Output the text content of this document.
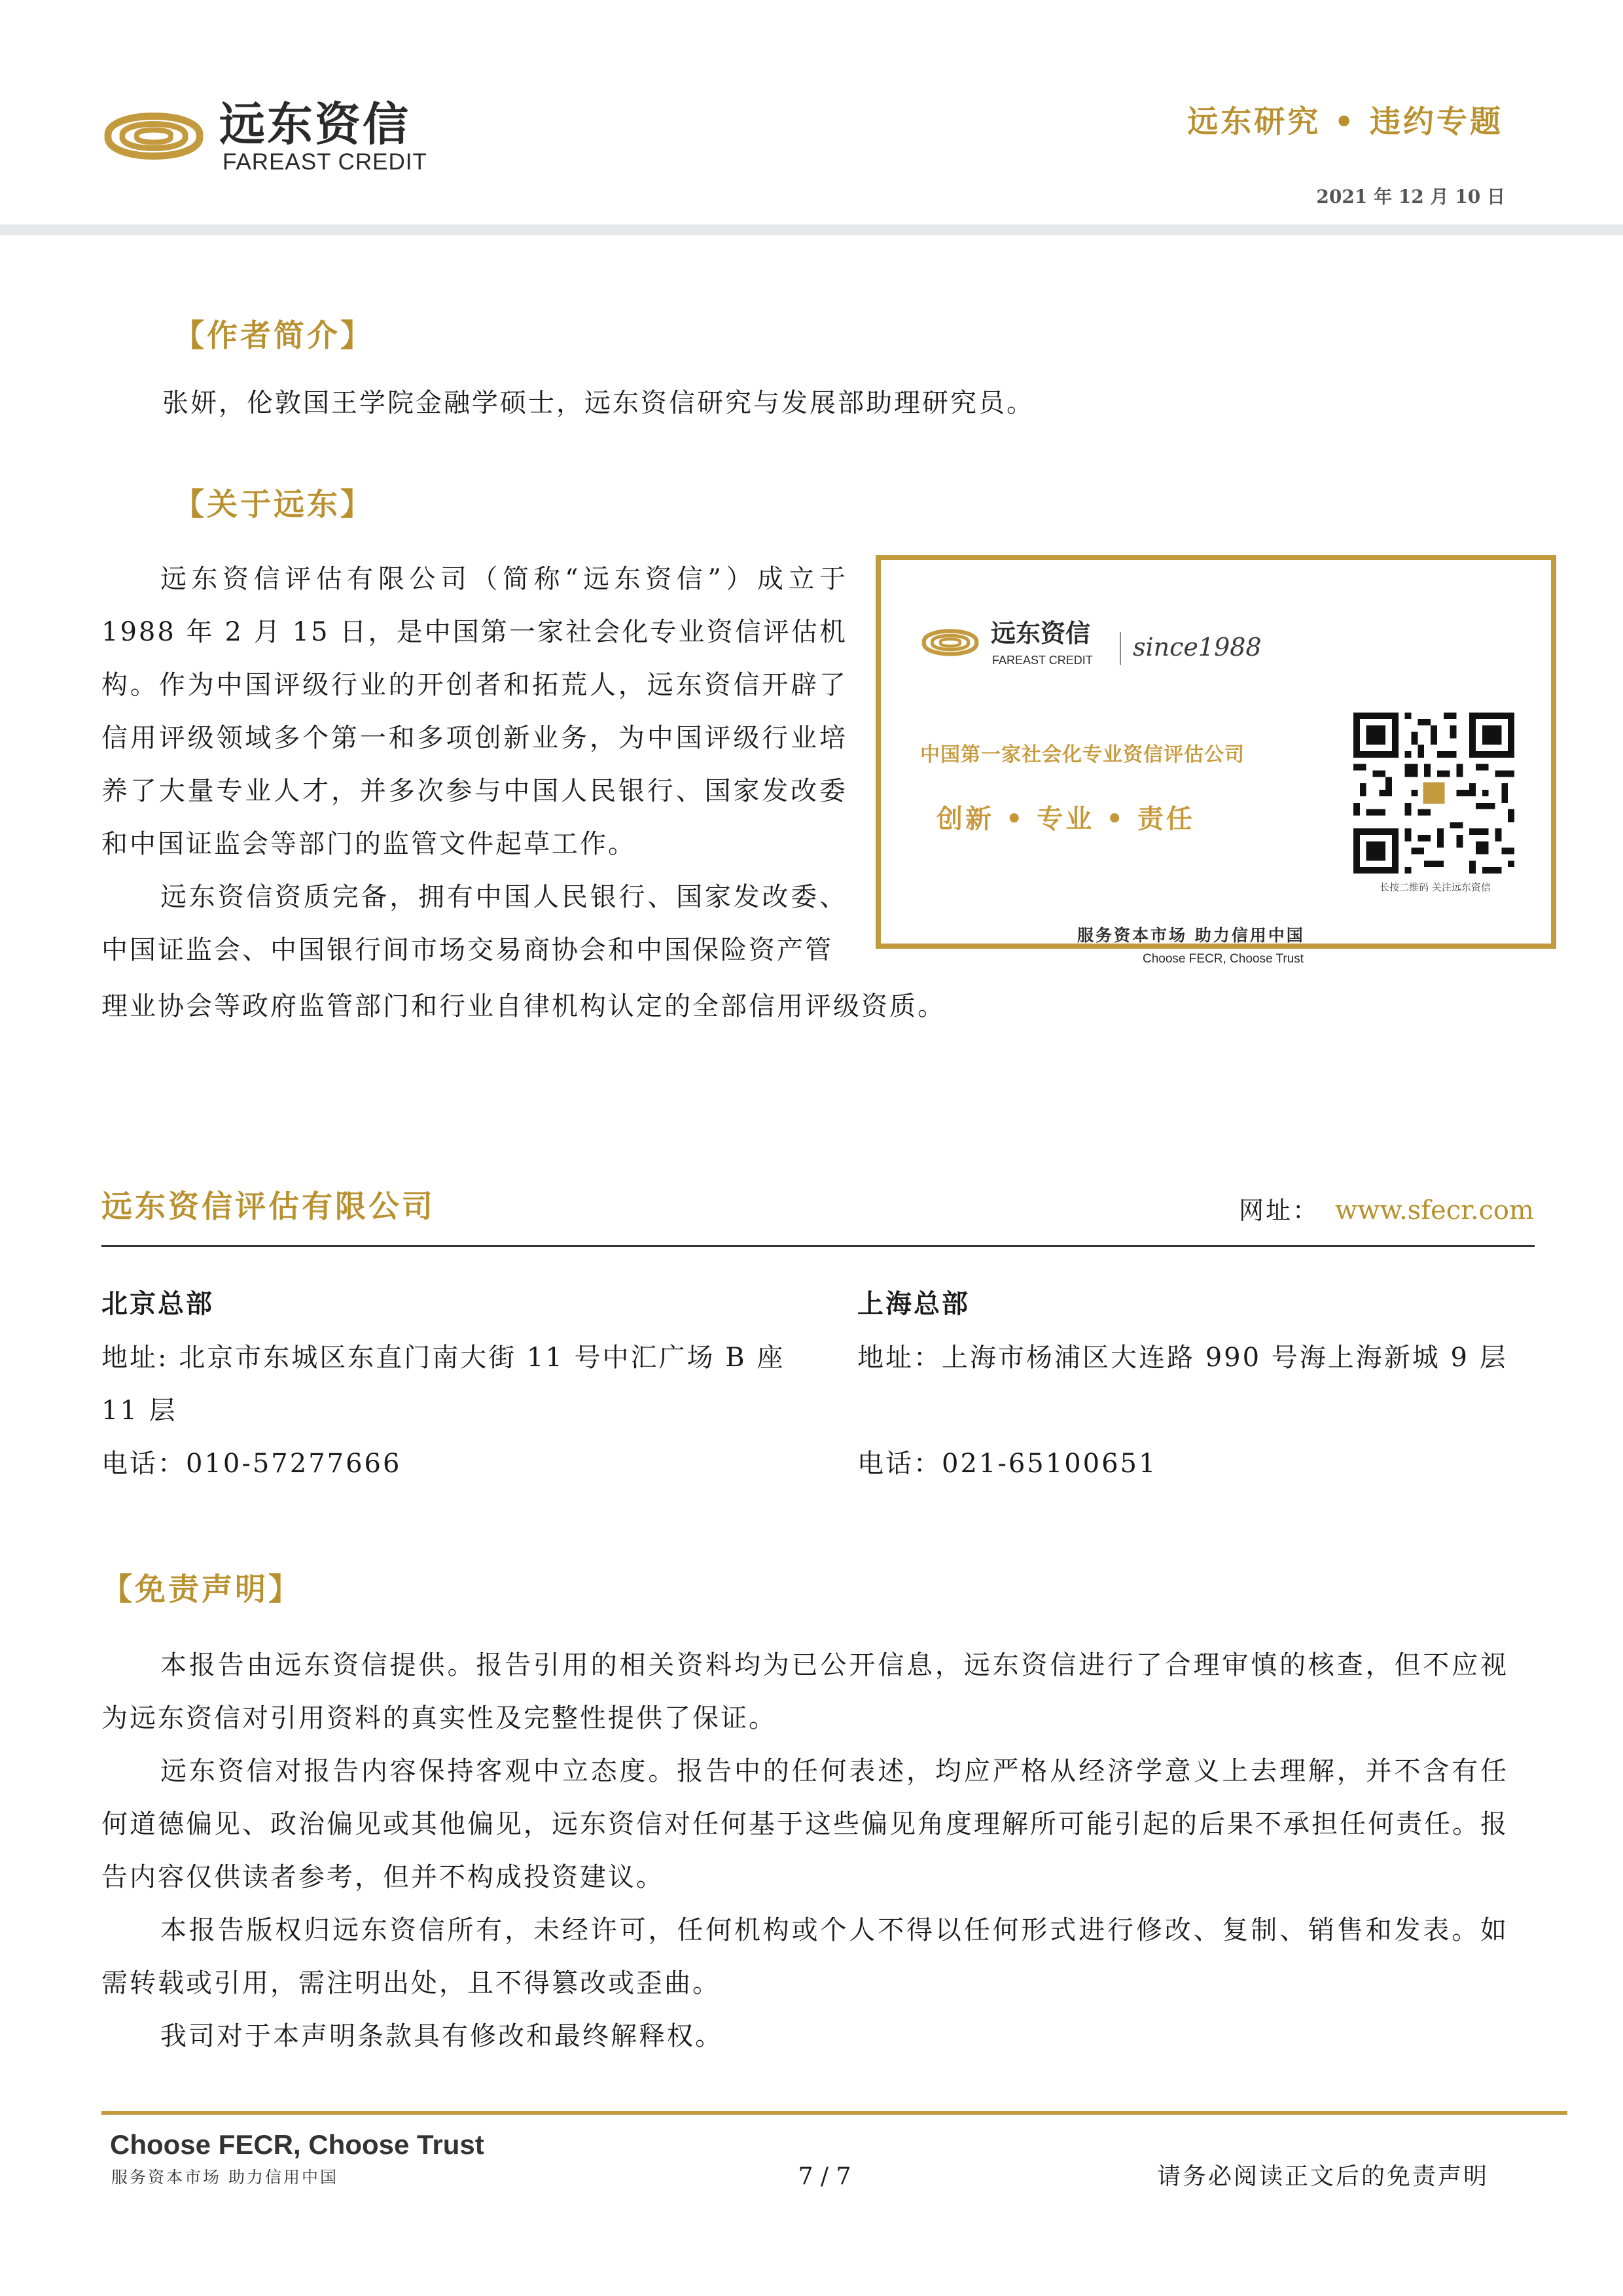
远东资信
FAREAST CREDIT
远东研究 • 违约专题
2021 年 12 月 10 日
【作者简介】
张妍，伦敦国王学院金融学硕士，远东资信研究与发展部助理研究员。
【关于远东】

远东资信评估有限公司（简称“远东资信”）成立于 1988 年 2 月 15 日，是中国第一家社会化专业资信评估机构。作为中国评级行业的开创者和拓荒人，远东资信开辟了信用评级领域多个第一和多项创新业务，为中国评级行业培养了大量专业人才，并多次参与中国人民银行、国家发改委和中国证监会等部门的监管文件起草工作。

远东资信资质完备，拥有中国人民银行、国家发改委、中国证监会、中国银行间市场交易商协会和中国保险资产管

理业协会等政府监管部门和行业自律机构认定的全部信用评级资质。
远东资信
FAREAST CREDIT since1988
中国第一家社会化专业资信评估公司
创新 • 专业 • 责任
长按二维码 关注远东资信
服务资本市场 助力信用中国
Choose FECR, Choose Trust
远东资信评估有限公司	网址： www.sfecr.com
北京总部
地址: 北京市东城区东直门南大街 11 号中汇广场 B 座 11 层
电话：010-57277666
上海总部
地址：上海市杨浦区大连路 990 号海上海新城 9 层
电话：021-65100651
【免责声明】

本报告由远东资信提供。报告引用的相关资料均为已公开信息，远东资信进行了合理审慎的核查，但不应视为远东资信对引用资料的真实性及完整性提供了保证。

远东资信对报告内容保持客观中立态度。报告中的任何表述，均应严格从经济学意义上去理解，并不含有任何道德偏见、政治偏见或其他偏见，远东资信对任何基于这些偏见角度理解所可能引起的后果不承担任何责任。报告内容仅供读者参考，但并不构成投资建议。

本报告版权归远东资信所有，未经许可，任何机构或个人不得以任何形式进行修改、复制、销售和发表。如需转载或引用，需注明出处，且不得篡改或歪曲。

我司对于本声明条款具有修改和最终解释权。

Choose FECR, Choose Trust
服务资本市场 助力信用中国	7 / 7	请务必阅读正文后的免责声明
